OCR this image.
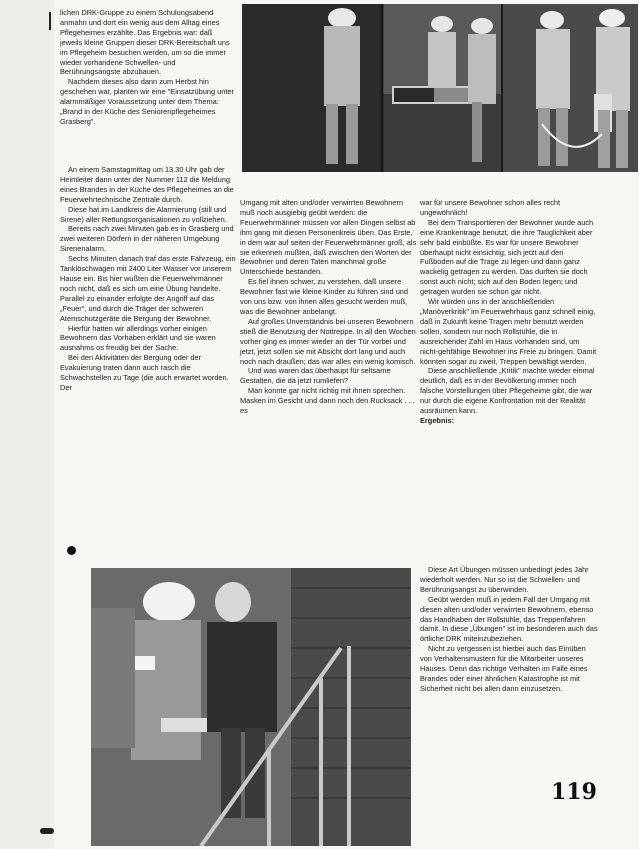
lichen DRK-Gruppe zu einem Schulungsabend anmahn und dort ein wenig aus dem Alltag eines Pflegeheimes erzählte. Das Ergebnis war: daß jeweils kleine Gruppen dieser DRK-Bereitschaft uns im Pflegeheim besuchen werden, um so die immer wieder vorhandene Schwellen- und Berührungsangste abzubauen.

Nachdem dieses also dann zum Herbst hin geschehen war, planten wir eine "Einsatzübung unter alarmmäßiger Voraussetzung unter dem Thema: „Brand in der Küche des Seniorenpflegeheimes Grasberg".

An einem Samstagmittag um 13.30 Uhr gab der Heimleiter dann unter der Nummer 112 die Meldung eines Brandes in der Küche des Pflegeheimes an die Feuerwehrtechnische Zentrale durch.

Diese hat im Landkreis die Alarmierung (still und Sirene) aller Rettungsorganisationen zu vollziehen.

Bereits nach zwei Minuten gab es in Grasberg und zwei weiteren Dörfern in der näheren Umgebung Sirenenalarm.

Sechs Minuten danach traf das erste Fahrzeug, ein Tanklöschwagen mit 2400 Liter Wasser vor unserem Hause ein. Bis hier wußten die Feuerwehrmänner noch nicht, daß es sich um eine Übung handelte. Parallel zu einander erfolgte der Angriff auf das „Feuer", und durch die Träger der schweren Atemschutzgeräte die Bergung der Bewohner.

Hierfür hatten wir allerdings vorher einigen Bewohnern das Vorhaben erklärt und sie waren ausnahms os freudig bei der Sache.

Bei den Aktivitäten der Bergung oder der Evakuierung traten dann auch rasch die Schwachstellen zu Tage (die auch erwartet worden. Der

Umgang mit alten und/oder verwirrten Bewohnern muß noch ausgiebig geübt werden: die Feuerwehrmänner müssen vor allen Dingen selbst ab ihm gang mit diesen Personenkreis üben. Das Erste, in dem war auf seiten der Feuerwehrmänner groß, als sie erkennen mußten, daß zwischen den Worten der Bewohner und deren Taten manchmal große Unterschiede bestanden.

Es fiel ihnen schwer, zu verstehen, daß unsere Bewohner fast wie kleine Kinder zu führen sind und von uns bzw. von ihnen alles gesucht werden muß, was die Bewohner anbelangt.

Auf großes Unverständnis bei unseren Bewohnern stieß die Benutzung der Nottreppe. In all den Wochen vorher ging es immer wieder an der Tür vorbei und jetzt, jetzt sollen sie mit Absicht dort lang und auch noch nach draußen; das war alles ein wenig komisch.

Und was waren das überhaupt für seltsame Gestalten, die da jetzt rumliefen?

Man konnte gar nicht richtig mit ihnen sprechen. Masken im Gesicht und dann noch den Rucksack . . . es

war für unsere Bewohner schon alles recht ungewöhnlich!

Bei dem Transportieren der Bewohner wurde auch eine Krankentrage benutzt, die ihre Tauglichkeit aber sehr bald einbüßte. Es war für unsere Bewohner überhaupt nicht einsichtig, sich jetzt auf den Fußboden auf die Trage zu legen und dann ganz wackelig getragen zu werden. Das durften sie doch sonst auch nicht; sich auf den Boden legen; und getragen wurden sie schon gar nicht.

Wir würden uns in der anschließenden „Manöverkritik" im Feuerwehrhaus ganz schnell einig, daß in Zukunft keine Tragen mehr benutzt werden sollen, sondern nur noch Rollstühle, die in ausreichender Zahl im Haus vorhanden sind, um nicht-gehfähige Bewohner ins Freie zu bringen. Damit könnten sogar zu zweit, Treppen bewältigt werden.

Diese anschließende „Kritik" machte wieder einmal deutlich, daß es in der Bevölkerung immer noch falsche Vorstellungen über Pflegeheime gibt, die war nur durch die eigene Konfrontation mit der Realität ausräumen kann.

Ergebnis:

Diese Art Übungen müssen unbedingt jedes Jahr wiederholt werden. Nur so ist die Schwellen- und Berührungsangst zu überwinden.

Geübt werden muß in jedem Fall der Umgang mit diesen alten und/oder verwirrten Bewohnern, ebenso das Handhaben der Rollstühle, das Treppenfahren damit. In diese „Übungen" ist im besonderen auch das örtliche DRK miteinzubeziehen.

Nicht zu vergessen ist hierbei auch das Einüben von Verhaltensmustern für die Mitarbeiter unseres Hauses. Denn das richtige Verhalten im Falle eines Brandes oder einer ähnlichen Katastrophe ist mit Sicherheit nicht bei allen dann einzusetzen.

119
